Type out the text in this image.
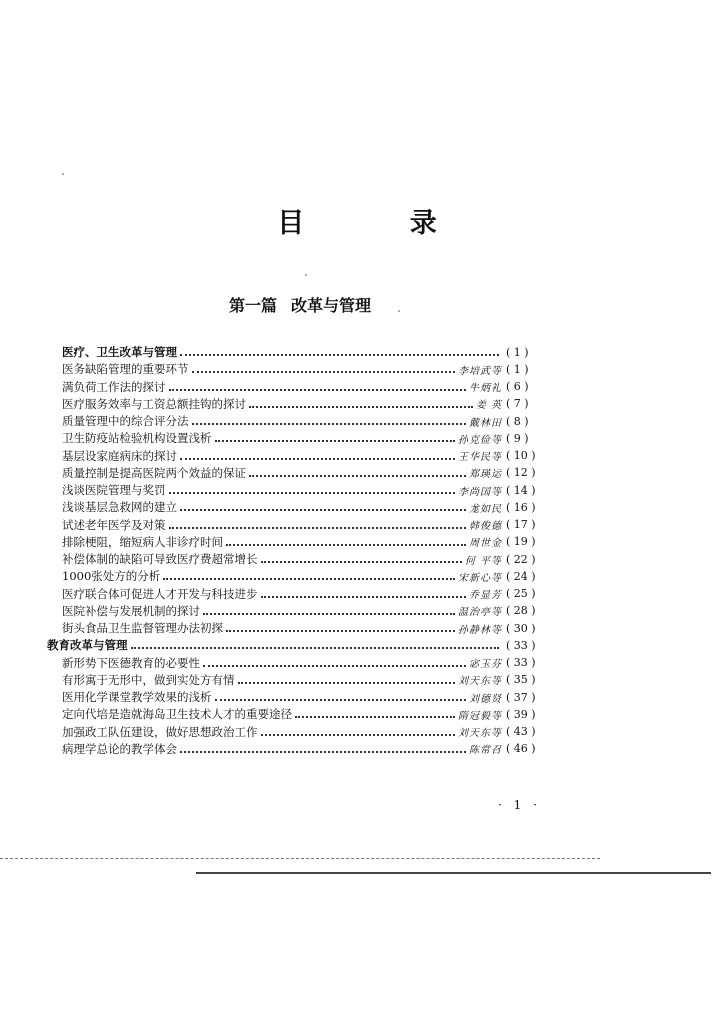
目 录
第一篇 改革与管理
医疗、卫生改革与管理	( 1 )
医务缺陷管理的重要环节	李培武等 ( 1 )
满负荷工作法的探讨	牛炳礼 ( 6 )
医疗服务效率与工资总额挂钩的探讨	姜 英 ( 7 )
质量管理中的综合评分法	戴林田 ( 8 )
卫生防疫站检验机构设置浅析	孙克俭等 ( 9 )
基层设家庭病床的探讨	王华民等 ( 10 )
质量控制是提高医院两个效益的保证	郑瑛运 ( 12 )
浅谈医院管理与奖罚	李尚国等 ( 14 )
浅谈基层急救网的建立	尨如民 ( 16 )
试述老年医学及对策	韩俊德 ( 17 )
排除梗阻，缩短病人非诊疗时间	周世金 ( 19 )
补偿体制的缺陷可导致医疗费超常增长	何 平等 ( 22 )
1000张处方的分析	宋新心等 ( 24 )
医疗联合体可促进人才开发与科技进步	乔显芳 ( 25 )
医院补偿与发展机制的探讨	温治亭等 ( 28 )
街头食品卫生监督管理办法初探	孙静林等 ( 30 )
教育改革与管理	( 33 )
新形势下医德教育的必要性	宓玉芬 ( 33 )
有形寓于无形中，做到实处方有情	刘天东等 ( 35 )
医用化学课堂教学效果的浅析	刘德贤 ( 37 )
定向代培是造就海岛卫生技术人才的重要途径	隋冠毅等 ( 39 )
加强政工队伍建设，做好思想政治工作	刘天东等 ( 43 )
病理学总论的教学体会	陈常召 ( 46 )
· 1 ·
